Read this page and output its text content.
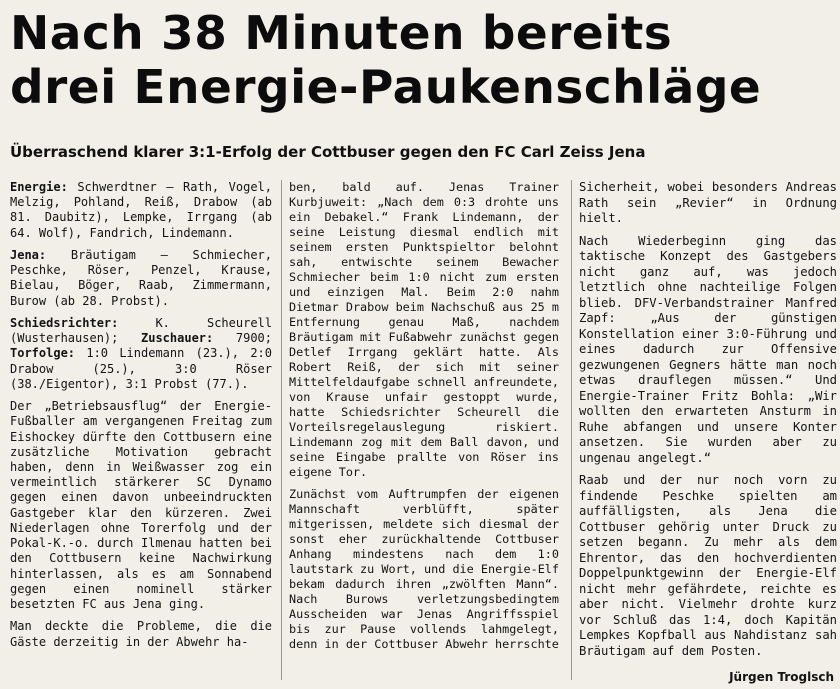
Nach 38 Minuten bereits
drei Energie-Paukenschläge
Überraschend klarer 3:1-Erfolg der Cottbuser gegen den FC Carl Zeiss Jena

Energie: Schwerdtner — Rath, Vogel, Melzig, Pohland, Reiß, Drabow (ab 81. Daubitz), Lempke, Irrgang (ab 64. Wolf), Fandrich, Lindemann.

Jena: Bräutigam — Schmiecher, Peschke, Röser, Penzel, Krause, Bielau, Böger, Raab, Zimmermann, Burow (ab 28. Probst).

Schiedsrichter:	K. Scheurell (Wusterhausen); Zuschauer: 7900; Torfolge: 1:0 Lindemann (23.), 2:0 Drabow (25.), 3:0 Röser (38./Eigentor), 3:1 Probst (77.).

Der „Betriebsausflug“ der Energie-Fußballer am vergangenen Freitag zum Eishockey dürfte den Cottbusern eine zusätzliche Motivation gebracht haben, denn in Weißwasser zog ein vermeintlich stärkerer SC Dynamo gegen einen davon unbeeindruckten Gastgeber klar den kürzeren. Zwei Niederlagen ohne Torerfolg und der Pokal-K.-o. durch Ilmenau hatten bei den Cottbusern keine Nachwirkung hinterlassen, als es am Sonnabend gegen einen nominell stärker besetzten FC aus Jena ging.

Man deckte die Probleme, die die Gäste derzeitig in der Abwehr ha-

ben, bald auf. Jenas Trainer Kurbjuweit: „Nach dem 0:3 drohte uns ein Debakel.“ Frank Lindemann, der seine Leistung diesmal endlich mit seinem ersten Punktspieltor belohnt sah, entwischte seinem Bewacher Schmiecher beim 1:0 nicht zum ersten und einzigen Mal. Beim 2:0 nahm Dietmar Drabow beim Nachschuß aus 25 m Entfernung genau Maß, nachdem Bräutigam mit Fußabwehr zunächst gegen Detlef Irrgang geklärt hatte. Als Robert Reiß, der sich mit seiner Mittelfeldaufgabe schnell anfreundete, von Krause unfair gestoppt wurde, hatte Schiedsrichter Scheurell die Vorteilsregelauslegung riskiert. Lindemann zog mit dem Ball davon, und seine Eingabe prallte von Röser ins eigene Tor.

Zunächst vom Auftrumpfen der eigenen Mannschaft verblüfft, später mitgerissen, meldete sich diesmal der sonst eher zurückhaltende Cottbuser Anhang mindestens nach dem 1:0 lautstark zu Wort, und die Energie-Elf bekam dadurch ihren „zwölften Mann“. Nach Burows verletzungsbedingtem Ausscheiden war Jenas Angriffsspiel bis zur Pause vollends lahmgelegt, denn in der Cottbuser Abwehr herrschte

Sicherheit, wobei besonders Andreas Rath sein „Revier“ in Ordnung hielt.

Nach Wiederbeginn ging das taktische Konzept des Gastgebers nicht ganz auf, was jedoch letztlich ohne nachteilige Folgen blieb. DFV-Verbandstrainer Manfred Zapf: „Aus der günstigen Konstellation einer 3:0-Führung und eines dadurch zur Offensive gezwungenen Gegners hätte man noch etwas drauflegen müssen.“ Und Energie-Trainer Fritz Bohla: „Wir wollten den erwarteten Ansturm in Ruhe abfangen und unsere Konter ansetzen. Sie wurden aber zu ungenau angelegt.“

Raab und der nur noch vorn zu findende Peschke spielten am auffälligsten, als Jena die Cottbuser gehörig unter Druck zu setzen begann. Zu mehr als dem Ehrentor, das den hochverdienten Doppelpunktgewinn der Energie-Elf nicht mehr gefährdete, reichte es aber nicht. Vielmehr drohte kurz vor Schluß das 1:4, doch Kapitän Lempkes Kopfball aus Nahdistanz sah Bräutigam auf dem Posten.

Jürgen Troglsch
